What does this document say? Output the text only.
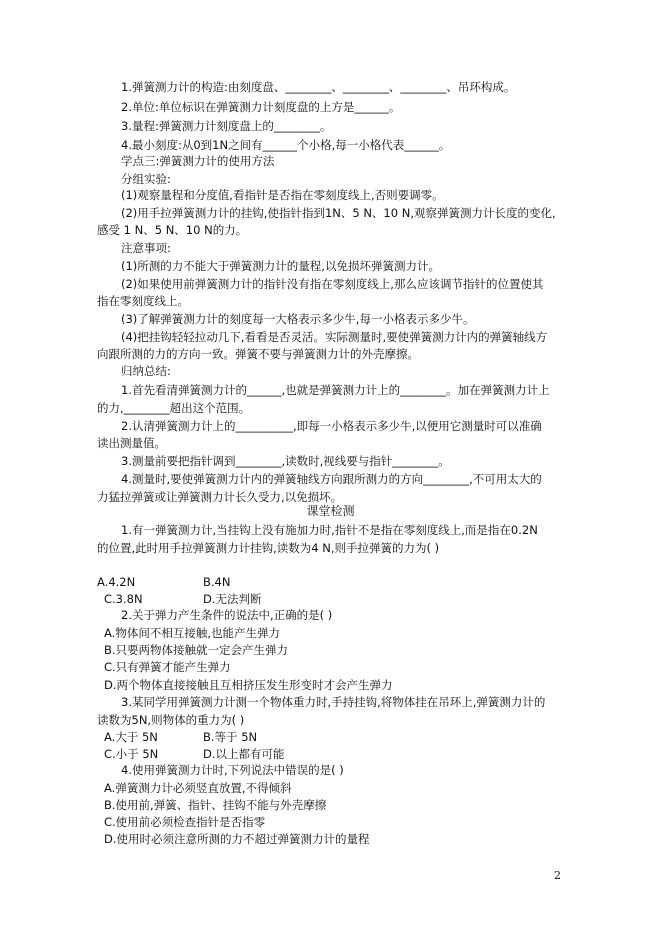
1.弹簧测力计的构造:由刻度盘、________、________、________、吊环构成。
2.单位:单位标识在弹簧测力计刻度盘的上方是______。
3.量程:弹簧测力计刻度盘上的________。
4.最小刻度:从0到1N之间有______个小格,每一小格代表______。
学点三:弹簧测力计的使用方法
分组实验:
(1)观察量程和分度值,看指针是否指在零刻度线上,否则要调零。
(2)用手拉弹簧测力计的挂钩,使指针指到1N、5 N、10 N,观察弹簧测力计长度的变化,
感受 1 N、5 N、10 N的力。
注意事项:
(1)所测的力不能大于弹簧测力计的量程,以免损坏弹簧测力计。
(2)如果使用前弹簧测力计的指针没有指在零刻度线上,那么应该调节指针的位置使其
指在零刻度线上。
(3)了解弹簧测力计的刻度每一大格表示多少牛,每一小格表示多少牛。
(4)把挂钩轻轻拉动几下,看看是否灵活。实际测量时,要使弹簧测力计内的弹簧轴线方
向跟所测的力的方向一致。弹簧不要与弹簧测力计的外壳摩擦。
归纳总结:
1.首先看清弹簧测力计的______,也就是弹簧测力计上的________。加在弹簧测力计上
的力,________超出这个范围。
2.认清弹簧测力计上的__________,即每一小格表示多少牛,以便用它测量时可以准确
读出测量值。
3.测量前要把指针调到________,读数时,视线要与指针________。
4.测量时,要使弹簧测力计内的弹簧轴线方向跟所测力的方向________,不可用太大的
力猛拉弹簧或让弹簧测力计长久受力,以免损坏。
课堂检测
1.有一弹簧测力计,当挂钩上没有施加力时,指针不是指在零刻度线上,而是指在0.2N
的位置,此时用手拉弹簧测力计挂钩,读数为4 N,则手拉弹簧的力为( )
A.4.2N	B.4N
C.3.8N	D.无法判断
2.关于弹力产生条件的说法中,正确的是( )
A.物体间不相互接触,也能产生弹力
B.只要两物体接触就一定会产生弹力
C.只有弹簧才能产生弹力
D.两个物体直接接触且互相挤压发生形变时才会产生弹力
3.某同学用弹簧测力计测一个物体重力时,手持挂钩,将物体挂在吊环上,弹簧测力计的
读数为5N,则物体的重力为( )
A.大于 5N	B.等于 5N
C.小于 5N	D.以上都有可能
4.使用弹簧测力计时,下列说法中错误的是( )
A.弹簧测力计必须竖直放置,不得倾斜
B.使用前,弹簧、指针、挂钩不能与外壳摩擦
C.使用前必须检查指针是否指零
D.使用时必须注意所测的力不超过弹簧测力计的量程
2
